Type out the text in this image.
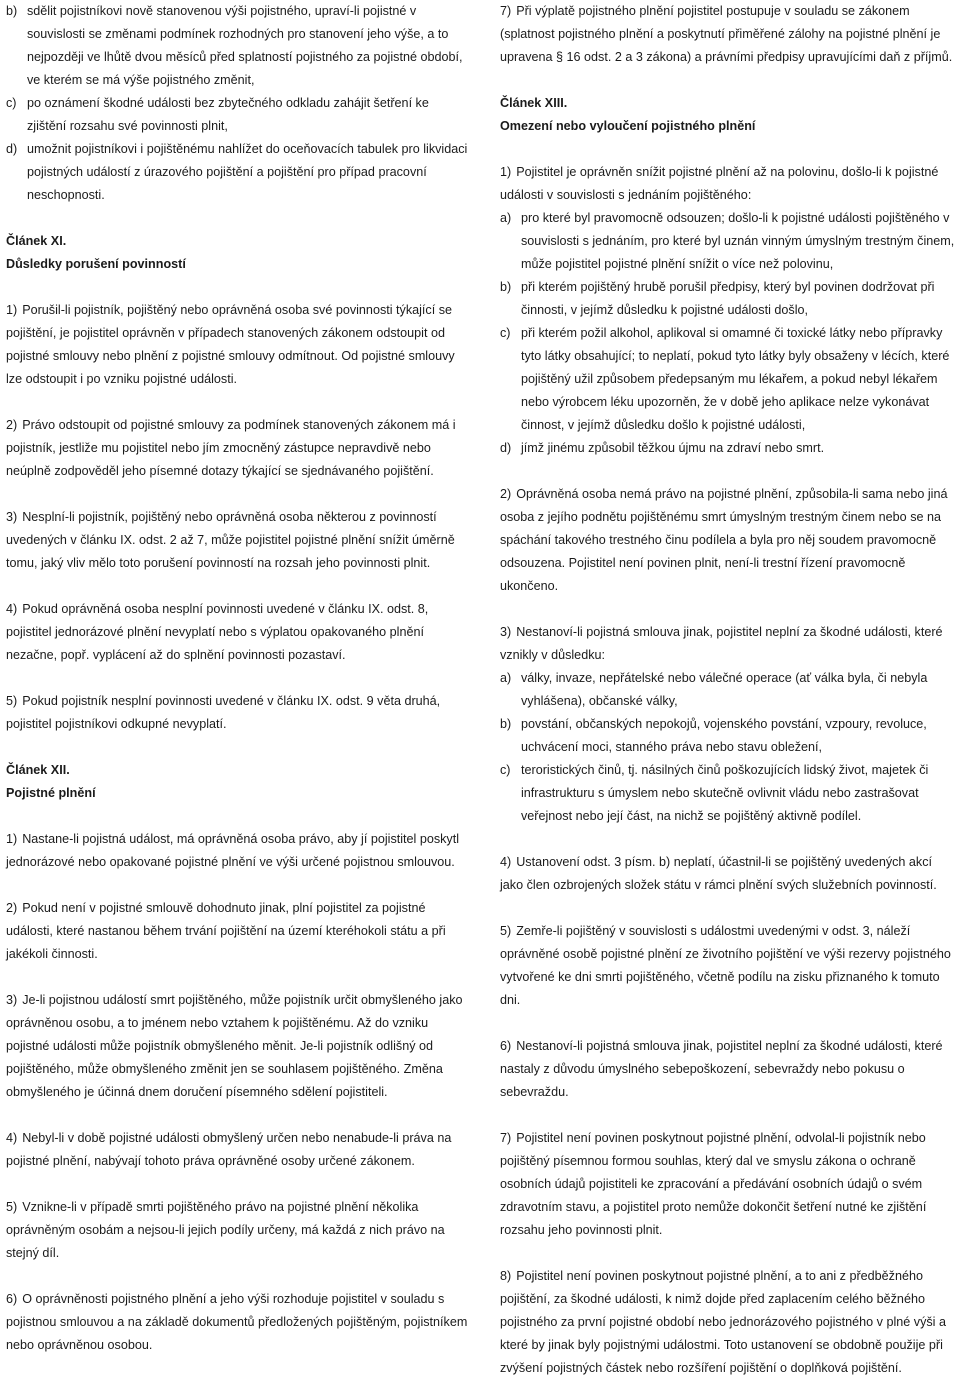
b) sdělit pojistníkovi nově stanovenou výši pojistného, upraví-li pojistné v souvislosti se změnami podmínek rozhodných pro stanovení jeho výše, a to nejpozději ve lhůtě dvou měsíců před splatností pojistného za pojistné období, ve kterém se má výše pojistného změnit,
c) po oznámení škodné události bez zbytečného odkladu zahájit šetření ke zjištění rozsahu své povinnosti plnit,
d) umožnit pojistníkovi i pojištěnému nahlížet do oceňovacích tabulek pro likvidaci pojistných událostí z úrazového pojištění a pojištění pro případ pracovní neschopnosti.
Článek XI.
Důsledky porušení povinností

1) Porušil-li pojistník, pojištěný nebo oprávněná osoba své povinnosti týkající se pojištění, je pojistitel oprávněn v případech stanovených zákonem odstoupit od pojistné smlouvy nebo plnění z pojistné smlouvy odmítnout. Od pojistné smlouvy lze odstoupit i po vzniku pojistné události.

2) Právo odstoupit od pojistné smlouvy za podmínek stanovených zákonem má i pojistník, jestliže mu pojistitel nebo jím zmocněný zástupce nepravdivě nebo neúplně zodpověděl jeho písemné dotazy týkající se sjednávaného pojištění.

3) Nesplní-li pojistník, pojištěný nebo oprávněná osoba některou z povinností uvedených v článku IX. odst. 2 až 7, může pojistitel pojistné plnění snížit úměrně tomu, jaký vliv mělo toto porušení povinností na rozsah jeho povinnosti plnit.

4) Pokud oprávněná osoba nesplní povinnosti uvedené v článku IX. odst. 8, pojistitel jednorázové plnění nevyplatí nebo s výplatou opakovaného plnění nezačne, popř. vyplácení až do splnění povinnosti pozastaví.

5) Pokud pojistník nesplní povinnosti uvedené v článku IX. odst. 9 věta druhá, pojistitel pojistníkovi odkupné nevyplatí.

Článek XII.
Pojistné plnění

1) Nastane-li pojistná událost, má oprávněná osoba právo, aby jí pojistitel poskytl jednorázové nebo opakované pojistné plnění ve výši určené pojistnou smlouvou.

2) Pokud není v pojistné smlouvě dohodnuto jinak, plní pojistitel za pojistné události, které nastanou během trvání pojištění na území kteréhokoli státu a při jakékoli činnosti.

3) Je-li pojistnou událostí smrt pojištěného, může pojistník určit obmyšleného jako oprávněnou osobu, a to jménem nebo vztahem k pojištěnému. Až do vzniku pojistné události může pojistník obmyšleného měnit. Je-li pojistník odlišný od pojištěného, může obmyšleného změnit jen se souhlasem pojištěného. Změna obmyšleného je účinná dnem doručení písemného sdělení pojistiteli.

4) Nebyl-li v době pojistné události obmyšlený určen nebo nenabude-li práva na pojistné plnění, nabývají tohoto práva oprávněné osoby určené zákonem.

5) Vznikne-li v případě smrti pojištěného právo na pojistné plnění několika oprávněným osobám a nejsou-li jejich podíly určeny, má každá z nich právo na stejný díl.

6) O oprávněnosti pojistného plnění a jeho výši rozhoduje pojistitel v souladu s pojistnou smlouvou a na základě dokumentů předložených pojištěným, pojistníkem nebo oprávněnou osobou.

7) Při výplatě pojistného plnění pojistitel postupuje v souladu se zákonem (splatnost pojistného plnění a poskytnutí přiměřené zálohy na pojistné plnění je upravena § 16 odst. 2 a 3 zákona) a právními předpisy upravujícími daň z příjmů.

Článek XIII.
Omezení nebo vyloučení pojistného plnění

1) Pojistitel je oprávněn snížit pojistné plnění až na polovinu, došlo-li k pojistné události v souvislosti s jednáním pojištěného:

a) pro které byl pravomocně odsouzen; došlo-li k pojistné události pojištěného v souvislosti s jednáním, pro které byl uznán vinným úmyslným trestným činem, může pojistitel pojistné plnění snížit o více než polovinu,
b) při kterém pojištěný hrubě porušil předpisy, který byl povinen dodržovat při činnosti, v jejímž důsledku k pojistné události došlo,
c) při kterém požil alkohol, aplikoval si omamné či toxické látky nebo přípravky tyto látky obsahující; to neplatí, pokud tyto látky byly obsaženy v lécích, které pojištěný užil způsobem předepsaným mu lékařem, a pokud nebyl lékařem nebo výrobcem léku upozorněn, že v době jeho aplikace nelze vykonávat činnost, v jejímž důsledku došlo k pojistné události,
d) jímž jinému způsobil těžkou újmu na zdraví nebo smrt.

2) Oprávněná osoba nemá právo na pojistné plnění, způsobila-li sama nebo jiná osoba z jejího podnětu pojištěnému smrt úmyslným trestným činem nebo se na spáchání takového trestného činu podílela a byla pro něj soudem pravomocně odsouzena. Pojistitel není povinen plnit, není-li trestní řízení pravomocně ukončeno.

3) Nestanoví-li pojistná smlouva jinak, pojistitel neplní za škodné události, které vznikly v důsledku:

a) války, invaze, nepřátelské nebo válečné operace (ať válka byla, či nebyla vyhlášena), občanské války,
b) povstání, občanských nepokojů, vojenského povstání, vzpoury, revoluce, uchvácení moci, stanného práva nebo stavu obležení,
c) teroristických činů, tj. násilných činů poškozujících lidský život, majetek či infrastrukturu s úmyslem nebo skutečně ovlivnit vládu nebo zastrašovat veřejnost nebo její část, na nichž se pojištěný aktivně podílel.

4) Ustanovení odst. 3 písm. b) neplatí, účastnil-li se pojištěný uvedených akcí jako člen ozbrojených složek státu v rámci plnění svých služebních povinností.

5) Zemře-li pojištěný v souvislosti s událostmi uvedenými v odst. 3, náleží oprávněné osobě pojistné plnění ze životního pojištění ve výši rezervy pojistného vytvořené ke dni smrti pojištěného, včetně podílu na zisku přiznaného k tomuto dni.

6) Nestanoví-li pojistná smlouva jinak, pojistitel neplní za škodné události, které nastaly z důvodu úmyslného sebepoškození, sebevraždy nebo pokusu o sebevraždu.

7) Pojistitel není povinen poskytnout pojistné plnění, odvolal-li pojistník nebo pojištěný písemnou formou souhlas, který dal ve smyslu zákona o ochraně osobních údajů pojistiteli ke zpracování a předávání osobních údajů o svém zdravotním stavu, a pojistitel proto nemůže dokončit šetření nutné ke zjištění rozsahu jeho povinnosti plnit.

8) Pojistitel není povinen poskytnout pojistné plnění, a to ani z předběžného pojištění, za škodné události, k nimž dojde před zaplacením celého běžného pojistného za první pojistné období nebo jednorázového pojistného v plné výši a které by jinak byly pojistnými událostmi. Toto ustanovení se obdobně použije při zvýšení pojistných částek nebo rozšíření pojištění o doplňková pojištění.
